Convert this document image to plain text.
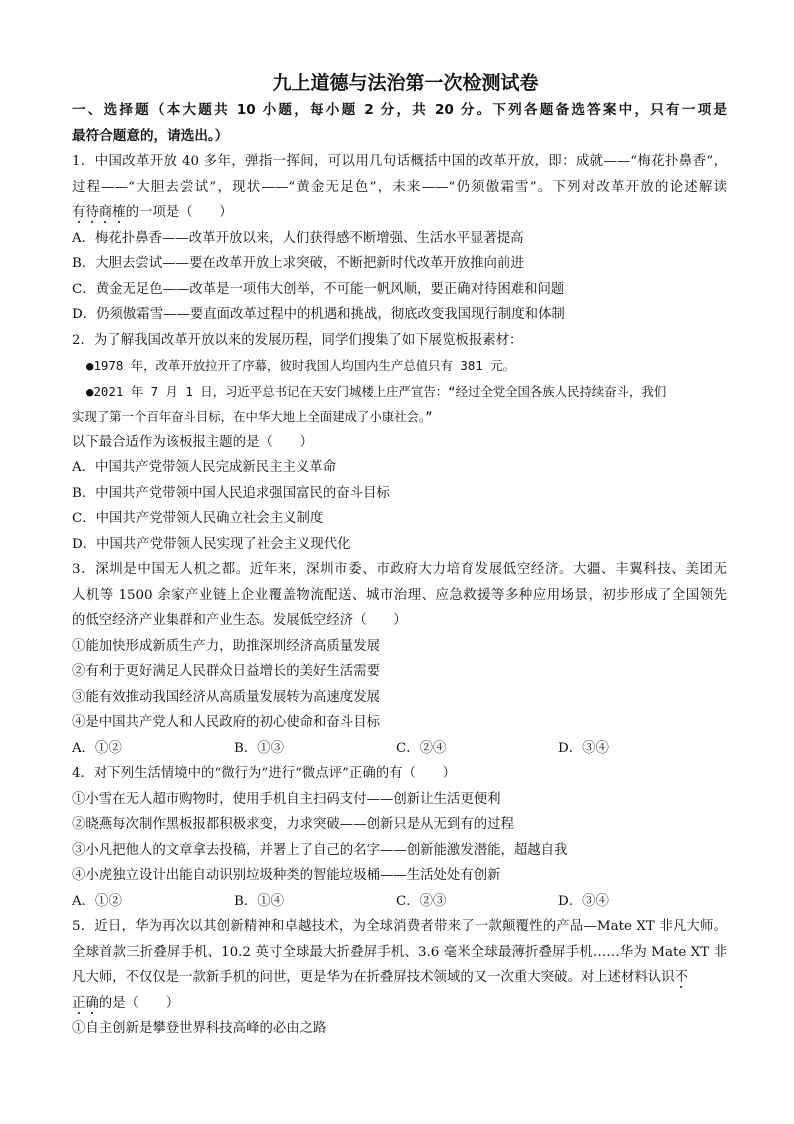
九上道德与法治第一次检测试卷
一、选择题（本大题共 10 小题，每小题 2 分，共 20 分。下列各题备选答案中，只有一项是
最符合题意的，请选出。）
1．中国改革开放 40 多年，弹指一挥间，可以用几句话概括中国的改革开放，即：成就——“梅花扑鼻香”，
过程——“大胆去尝试”，现状——“黄金无足色”，未来——“仍须傲霜雪”。下列对改革开放的论述解读
有待商榷的一项是（　　）
A．梅花扑鼻香——改革开放以来，人们获得感不断增强、生活水平显著提高
B．大胆去尝试——要在改革开放上求突破，不断把新时代改革开放推向前进
C．黄金无足色——改革是一项伟大创举，不可能一帆风顺，要正确对待困难和问题
D．仍须傲霜雪——要直面改革过程中的机遇和挑战，彻底改变我国现行制度和体制
2．为了解我国改革开放以来的发展历程，同学们搜集了如下展览板报素材：
●1978 年，改革开放拉开了序幕，彼时我国人均国内生产总值只有 381 元。
●2021 年 7 月 1 日，习近平总书记在天安门城楼上庄严宣告：“经过全党全国各族人民持续奋斗，我们
实现了第一个百年奋斗目标，在中华大地上全面建成了小康社会。”
以下最合适作为该板报主题的是（　　）
A．中国共产党带领人民完成新民主主义革命
B．中国共产党带领中国人民追求强国富民的奋斗目标
C．中国共产党带领人民确立社会主义制度
D．中国共产党带领人民实现了社会主义现代化
3．深圳是中国无人机之都。近年来，深圳市委、市政府大力培育发展低空经济。大疆、丰翼科技、美团无
人机等 1500 余家产业链上企业覆盖物流配送、城市治理、应急救援等多种应用场景，初步形成了全国领先
的低空经济产业集群和产业生态。发展低空经济（　　）
①能加快形成新质生产力，助推深圳经济高质量发展
②有利于更好满足人民群众日益增长的美好生活需要
③能有效推动我国经济从高质量发展转为高速度发展
④是中国共产党人和人民政府的初心使命和奋斗目标
A．①②	B．①③	C．②④	D．③④
4．对下列生活情境中的“微行为”进行“微点评”正确的有（　　）
①小雪在无人超市购物时，使用手机自主扫码支付——创新让生活更便利
②晓燕每次制作黑板报都积极求变，力求突破——创新只是从无到有的过程
③小凡把他人的文章拿去投稿，并署上了自己的名字——创新能激发潜能，超越自我
④小虎独立设计出能自动识别垃圾种类的智能垃圾桶——生活处处有创新
A．①②	B．①④	C．②③	D．③④
5．近日，华为再次以其创新精神和卓越技术，为全球消费者带来了一款颠覆性的产品—Mate XT 非凡大师。
全球首款三折叠屏手机、10.2 英寸全球最大折叠屏手机、3.6 毫米全球最薄折叠屏手机……华为 Mate XT 非
凡大师，不仅仅是一款新手机的问世，更是华为在折叠屏技术领域的又一次重大突破。对上述材料认识不
正确的是（　　）
①自主创新是攀登世界科技高峰的必由之路
